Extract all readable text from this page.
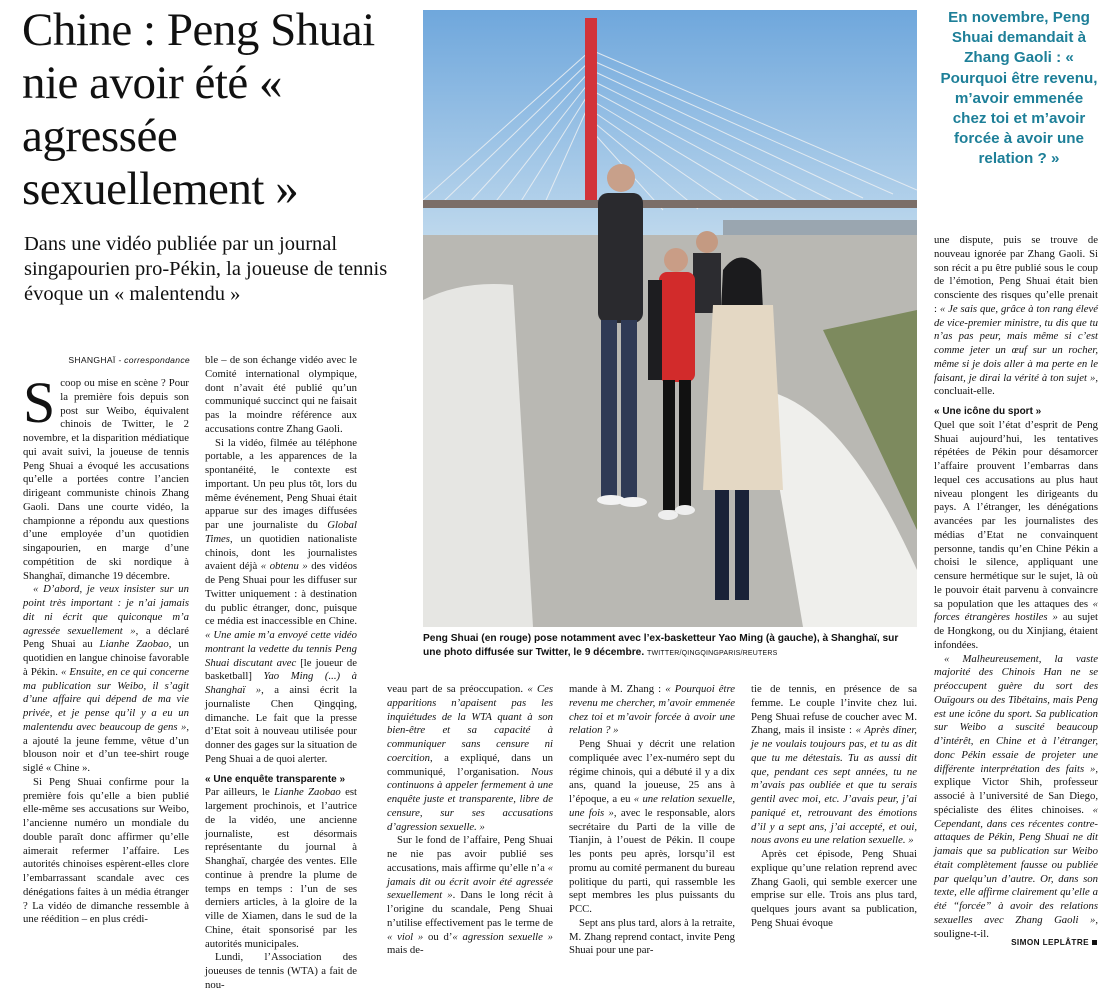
Chine : Peng Shuai nie avoir été « agressée sexuellement »

Dans une vidéo publiée par un journal singapourien pro-Pékin, la joueuse de tennis évoque un « malentendu »

SHANGHAÏ - correspondance

Scoop ou mise en scène ? Pour la première fois depuis son post sur Weibo, équivalent chinois de Twitter, le 2 novembre, et la disparition médiatique qui avait suivi, la joueuse de tennis Peng Shuai a évoqué les accusations qu’elle a portées contre l’ancien dirigeant communiste chinois Zhang Gaoli. Dans une courte vidéo, la championne a répondu aux questions d’une employée d’un quotidien singapourien, en marge d’une compétition de ski nordique à Shanghaï, dimanche 19 décembre.

« D’abord, je veux insister sur un point très important : je n’ai jamais dit ni écrit que quiconque m’a agressée sexuellement », a déclaré Peng Shuai au Lianhe Zaobao, un quotidien en langue chinoise favorable à Pékin. « Ensuite, en ce qui concerne ma publication sur Weibo, il s’agit d’une affaire qui dépend de ma vie privée, et je pense qu’il y a eu un malentendu avec beaucoup de gens », a ajouté la jeune femme, vêtue d’un blouson noir et d’un tee-shirt rouge siglé « Chine ».

Si Peng Shuai confirme pour la première fois qu’elle a bien publié elle-même ses accusations sur Weibo, l’ancienne numéro un mondiale du double paraît donc affirmer qu’elle aimerait refermer l’affaire. Les autorités chinoises espèrent-elles clore l’embarrassant scandale avec ces dénégations faites à un média étranger ? La vidéo de dimanche ressemble à une réédition – en plus crédi-

ble – de son échange vidéo avec le Comité international olympique, dont n’avait été publié qu’un communiqué succinct qui ne faisait pas la moindre référence aux accusations contre Zhang Gaoli.

Si la vidéo, filmée au téléphone portable, a les apparences de la spontanéité, le contexte est important. Un peu plus tôt, lors du même événement, Peng Shuai était apparue sur des images diffusées par une journaliste du Global Times, un quotidien nationaliste chinois, dont les journalistes avaient déjà « obtenu » des vidéos de Peng Shuai pour les diffuser sur Twitter uniquement : à destination du public étranger, donc, puisque ce média est inaccessible en Chine. « Une amie m’a envoyé cette vidéo montrant la vedette du tennis Peng Shuai discutant avec [le joueur de basketball] Yao Ming (...) à Shanghaï », a ainsi écrit la journaliste Chen Qingqing, dimanche. Le fait que la presse d’Etat soit à nouveau utilisée pour donner des gages sur la situation de Peng Shuai a de quoi alerter.

« Une enquête transparente »

Par ailleurs, le Lianhe Zaobao est largement prochinois, et l’autrice de la vidéo, une ancienne journaliste, est désormais représentante du journal à Shanghaï, chargée des ventes. Elle continue à prendre la plume de temps en temps : l’un de ses derniers articles, à la gloire de la ville de Xiamen, dans le sud de la Chine, était sponsorisé par les autorités municipales.

Lundi, l’Association des joueuses de tennis (WTA) a fait de nou-

Peng Shuai (en rouge) pose notamment avec l’ex-basketteur Yao Ming (à gauche), à Shanghaï, sur une photo diffusée sur Twitter, le 9 décembre. TWITTER/QINGQINGPARIS/REUTERS

veau part de sa préoccupation. « Ces apparitions n’apaisent pas les inquiétudes de la WTA quant à son bien-être et sa capacité à communiquer sans censure ni coercition, a expliqué, dans un communiqué, l’organisation. Nous continuons à appeler fermement à une enquête juste et transparente, libre de censure, sur ses accusations d’agression sexuelle. »

Sur le fond de l’affaire, Peng Shuai ne nie pas avoir publié ses accusations, mais affirme qu’elle n’a « jamais dit ou écrit avoir été agressée sexuellement ». Dans le long récit à l’origine du scandale, Peng Shuai n’utilise effectivement pas le terme de « viol » ou d’« agression sexuelle » mais de-

mande à M. Zhang : « Pourquoi être revenu me chercher, m’avoir emmenée chez toi et m’avoir forcée à avoir une relation ? »

Peng Shuai y décrit une relation compliquée avec l’ex-numéro sept du régime chinois, qui a débuté il y a dix ans, quand la joueuse, 25 ans à l’époque, a eu « une relation sexuelle, une fois », avec le responsable, alors secrétaire du Parti de la ville de Tianjin, à l’ouest de Pékin. Il coupe les ponts peu après, lorsqu’il est promu au comité permanent du bureau politique du parti, qui rassemble les sept membres les plus puissants du PCC.

Sept ans plus tard, alors à la retraite, M. Zhang reprend contact, invite Peng Shuai pour une par-

tie de tennis, en présence de sa femme. Le couple l’invite chez lui. Peng Shuai refuse de coucher avec M. Zhang, mais il insiste : « Après dîner, je ne voulais toujours pas, et tu as dit que tu me détestais. Tu as aussi dit que, pendant ces sept années, tu ne m’avais pas oubliée et que tu serais gentil avec moi, etc. J’avais peur, j’ai paniqué et, retrouvant des émotions d’il y a sept ans, j’ai accepté, et oui, nous avons eu une relation sexuelle. »

Après cet épisode, Peng Shuai explique qu’une relation reprend avec Zhang Gaoli, qui semble exercer une emprise sur elle. Trois ans plus tard, quelques jours avant sa publication, Peng Shuai évoque

En novembre, Peng Shuai demandait à Zhang Gaoli : « Pourquoi être revenu, m’avoir emmenée chez toi et m’avoir forcée à avoir une relation ? »

une dispute, puis se trouve de nouveau ignorée par Zhang Gaoli. Si son récit a pu être publié sous le coup de l’émotion, Peng Shuai était bien consciente des risques qu’elle prenait : « Je sais que, grâce à ton rang élevé de vice-premier ministre, tu dis que tu n’as pas peur, mais même si c’est comme jeter un œuf sur un rocher, même si je dois aller à ma perte en le faisant, je dirai la vérité à ton sujet », concluait-elle.

« Une icône du sport »

Quel que soit l’état d’esprit de Peng Shuai aujourd’hui, les tentatives répétées de Pékin pour désamorcer l’affaire prouvent l’embarras dans lequel ces accusations au plus haut niveau plongent les dirigeants du pays. A l’étranger, les dénégations avancées par les journalistes des médias d’Etat ne convainquent personne, tandis qu’en Chine Pékin a choisi le silence, appliquant une censure hermétique sur le sujet, là où le pouvoir était parvenu à convaincre sa population que les attaques des « forces étrangères hostiles » au sujet de Hongkong, ou du Xinjiang, étaient infondées.

« Malheureusement, la vaste majorité des Chinois Han ne se préoccupent guère du sort des Ouïgours ou des Tibétains, mais Peng est une icône du sport. Sa publication sur Weibo a suscité beaucoup d’intérêt, en Chine et à l’étranger, donc Pékin essaie de projeter une différente interprétation des faits », explique Victor Shih, professeur associé à l’université de San Diego, spécialiste des élites chinoises. « Cependant, dans ces récentes contre-attaques de Pékin, Peng Shuai ne dit jamais que sa publication sur Weibo était complètement fausse ou publiée par quelqu’un d’autre. Or, dans son texte, elle affirme clairement qu’elle a été “forcée” à avoir des relations sexuelles avec Zhang Gaoli », souligne-t-il.

SIMON LEPLÂTRE
